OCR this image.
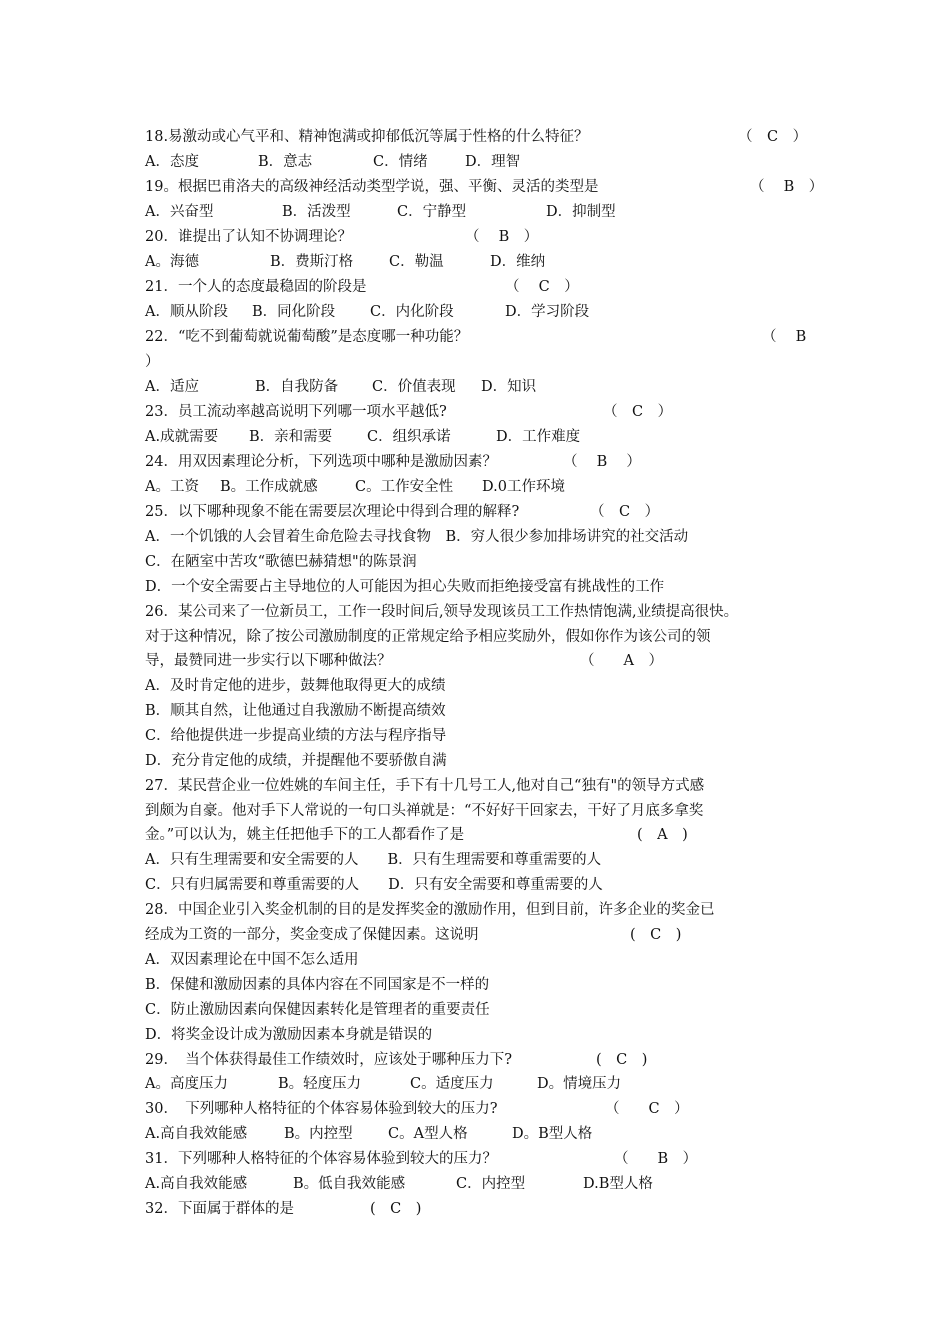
18.易激动或心气平和、精神饱满或抑郁低沉等属于性格的什么特征？	（　C　）
A．态度	B．意志	C．情绪	D．理智
19。根据巴甫洛夫的高级神经活动类型学说，强、平衡、灵活的类型是	（　 B　）
A．兴奋型	B．活泼型	C．宁静型	D．抑制型
20．谁提出了认知不协调理论？	（　 B　）
A。海德	B．费斯汀格 C．勒温	D．维纳
21．一个人的态度最稳固的阶段是	（　 C　）
A．顺从阶段 B．同化阶段 C．内化阶段	D．学习阶段
22．“吃不到葡萄就说葡萄酸”是态度哪一种功能？	（　 B
）
A．适应	B．自我防备 C．价值表现 D．知识
23．员工流动率越高说明下列哪一项水平越低?	（　C　）
A.成就需要 B．亲和需要 C．组织承诺	D．工作难度
24．用双因素理论分析，下列选项中哪种是激励因素？	（　 B　 ）
A。工资 B。工作成就感	C。工作安全性 D.0工作环境
25．以下哪种现象不能在需要层次理论中得到合理的解释?	（　C　）
A．一个饥饿的人会冒着生命危险去寻找食物　B．穷人很少参加排场讲究的社交活动
C．在陋室中苦攻“歌德巴赫猜想"的陈景润
D．一个安全需要占主导地位的人可能因为担心失败而拒绝接受富有挑战性的工作
26．某公司来了一位新员工，工作一段时间后,领导发现该员工工作热情饱满,业绩提高很快。
对于这种情况，除了按公司激励制度的正常规定给予相应奖励外，假如你作为该公司的领
导，最赞同进一步实行以下哪种做法？	（　　A　）
A．及时肯定他的进步，鼓舞他取得更大的成绩
B．顺其自然，让他通过自我激励不断提高绩效
C．给他提供进一步提高业绩的方法与程序指导
D．充分肯定他的成绩，并提醒他不要骄傲自满
27．某民营企业一位姓姚的车间主任，手下有十几号工人,他对自己“独有"的领导方式感
到颇为自豪。他对手下人常说的一句口头禅就是：“不好好干回家去，干好了月底多拿奖
金。”可以认为，姚主任把他手下的工人都看作了是	(　A　)
A．只有生理需要和安全需要的人　　B．只有生理需要和尊重需要的人
C．只有归属需要和尊重需要的人　　D．只有安全需要和尊重需要的人
28．中国企业引入奖金机制的目的是发挥奖金的激励作用，但到目前，许多企业的奖金已
经成为工资的一部分，奖金变成了保健因素。这说明	(　C　)
A．双因素理论在中国不怎么适用
B．保健和激励因素的具体内容在不同国家是不一样的
C．防止激励因素向保健因素转化是管理者的重要责任
D．将奖金设计成为激励因素本身就是错误的
29．　当个体获得最佳工作绩效时，应该处于哪种压力下?	(　C　)
A。高度压力	B。轻度压力	C。适度压力	D。情境压力
30．　下列哪种人格特征的个体容易体验到较大的压力?	（　　C　）
A.高自我效能感	B。内控型 C。A型人格	D。B型人格
31．下列哪种人格特征的个体容易体验到较大的压力？	（　　B　）
A.高自我效能感	B。低自我效能感	C．内控型	D.B型人格
32．下面属于群体的是	(　C　)
